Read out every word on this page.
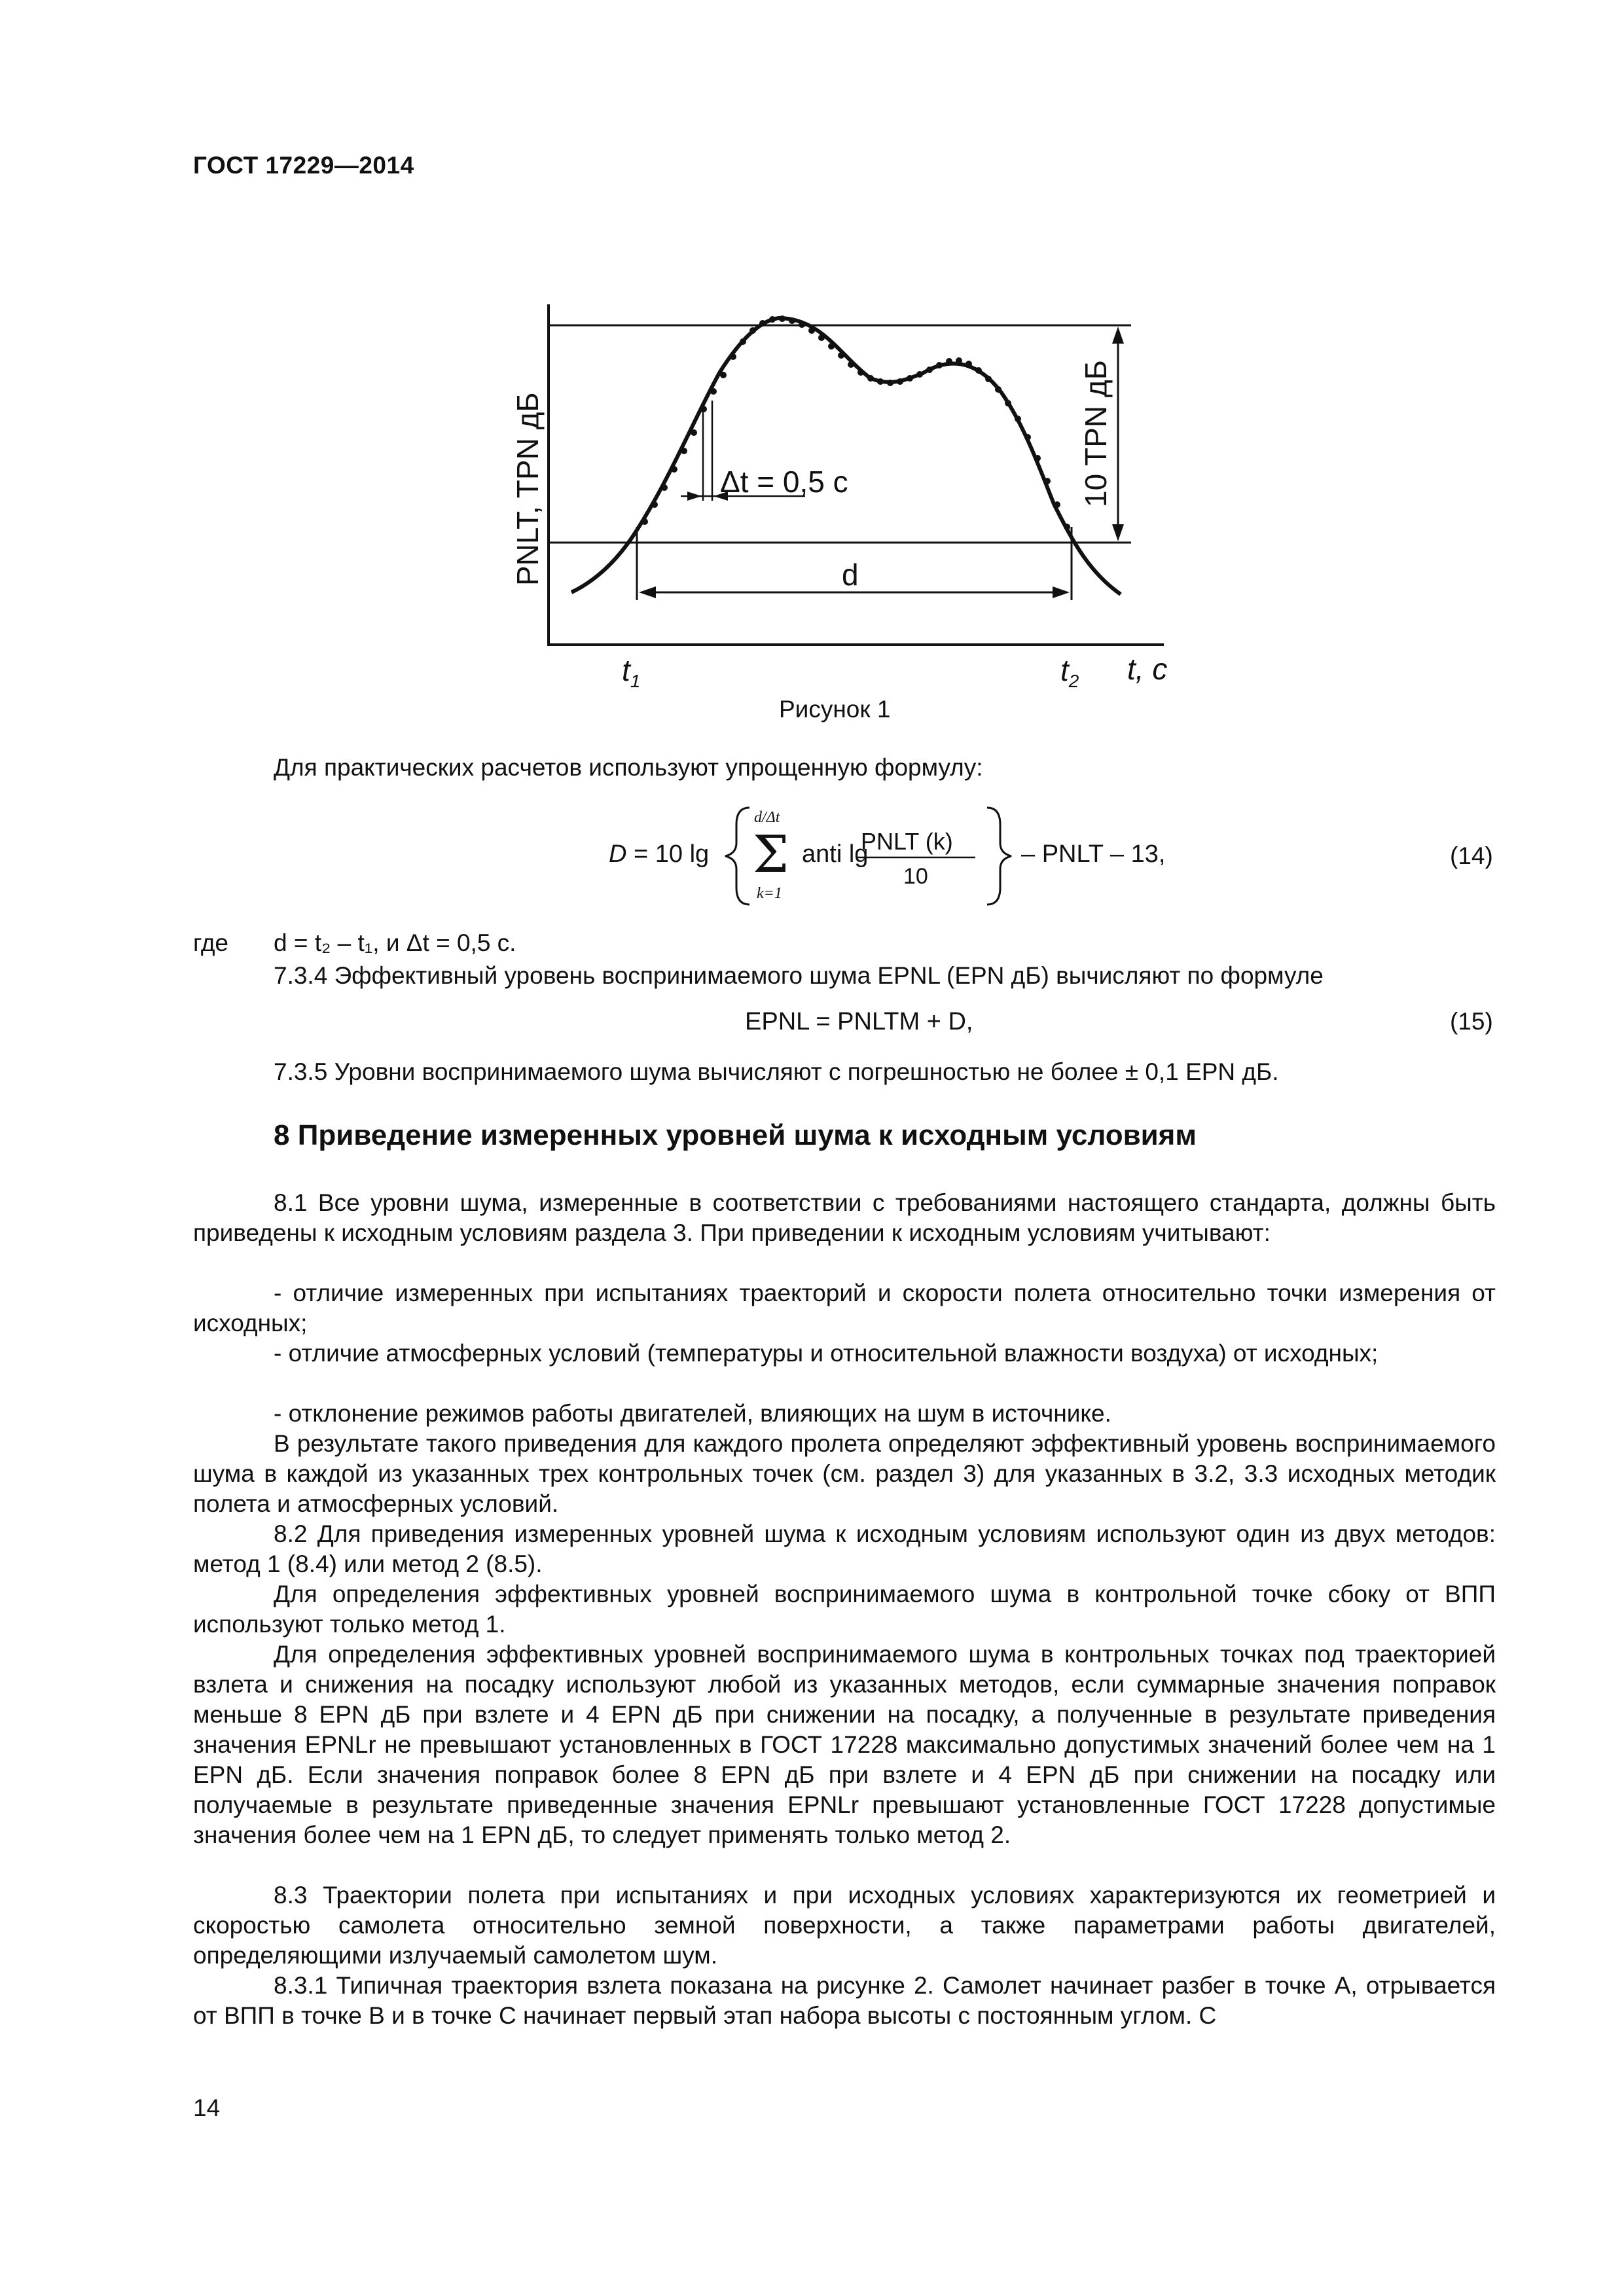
ГОСТ 17229—2014
PNLT, TPN дБ	10 TPN дБ
Δt = 0,5 c
d
$t_1$	$t_2$ t, c
Рисунок 1
Для практических расчетов используют упрощенную формулу:
D = 10 lg Σ
d/Δt
k=1
anti lg
PNLT (k)
10
– PNLT – 13,	(14)
где d = t₂ – t₁, и Δt = 0,5 с.
7.3.4 Эффективный уровень воспринимаемого шума EPNL (EPN дБ) вычисляют по формуле
EPNL = PNLTM + D,	(15)
7.3.5 Уровни воспринимаемого шума вычисляют с погрешностью не более ± 0,1 EPN дБ.
8 Приведение измеренных уровней шума к исходным условиям
8.1 Все уровни шума, измеренные в соответствии с требованиями настоящего стандарта, должны быть приведены к исходным условиям раздела 3. При приведении к исходным условиям учитывают:
- отличие измеренных при испытаниях траекторий и скорости полета относительно точки измерения от исходных;
- отличие атмосферных условий (температуры и относительной влажности воздуха) от исходных;
- отклонение режимов работы двигателей, влияющих на шум в источнике.
В результате такого приведения для каждого пролета определяют эффективный уровень воспринимаемого шума в каждой из указанных трех контрольных точек (см. раздел 3) для указанных в 3.2, 3.3 исходных методик полета и атмосферных условий.
8.2 Для приведения измеренных уровней шума к исходным условиям используют один из двух методов: метод 1 (8.4) или метод 2 (8.5).
Для определения эффективных уровней воспринимаемого шума в контрольной точке сбоку от ВПП используют только метод 1.
Для определения эффективных уровней воспринимаемого шума в контрольных точках под траекторией взлета и снижения на посадку используют любой из указанных методов, если суммарные значения поправок меньше 8 EPN дБ при взлете и 4 EPN дБ при снижении на посадку, а полученные в результате приведения значения EPNLr не превышают установленных в ГОСТ 17228 максимально допустимых значений более чем на 1 EPN дБ. Если значения поправок более 8 EPN дБ при взлете и 4 EPN дБ при снижении на посадку или получаемые в результате приведенные значения EPNLr превышают установленные ГОСТ 17228 допустимые значения более чем на 1 EPN дБ, то следует применять только метод 2.
8.3 Траектории полета при испытаниях и при исходных условиях характеризуются их геометрией и скоростью самолета относительно земной поверхности, а также параметрами работы двигателей, определяющими излучаемый самолетом шум.
8.3.1 Типичная траектория взлета показана на рисунке 2. Самолет начинает разбег в точке A, отрывается от ВПП в точке B и в точке C начинает первый этап набора высоты с постоянным углом. С
14
